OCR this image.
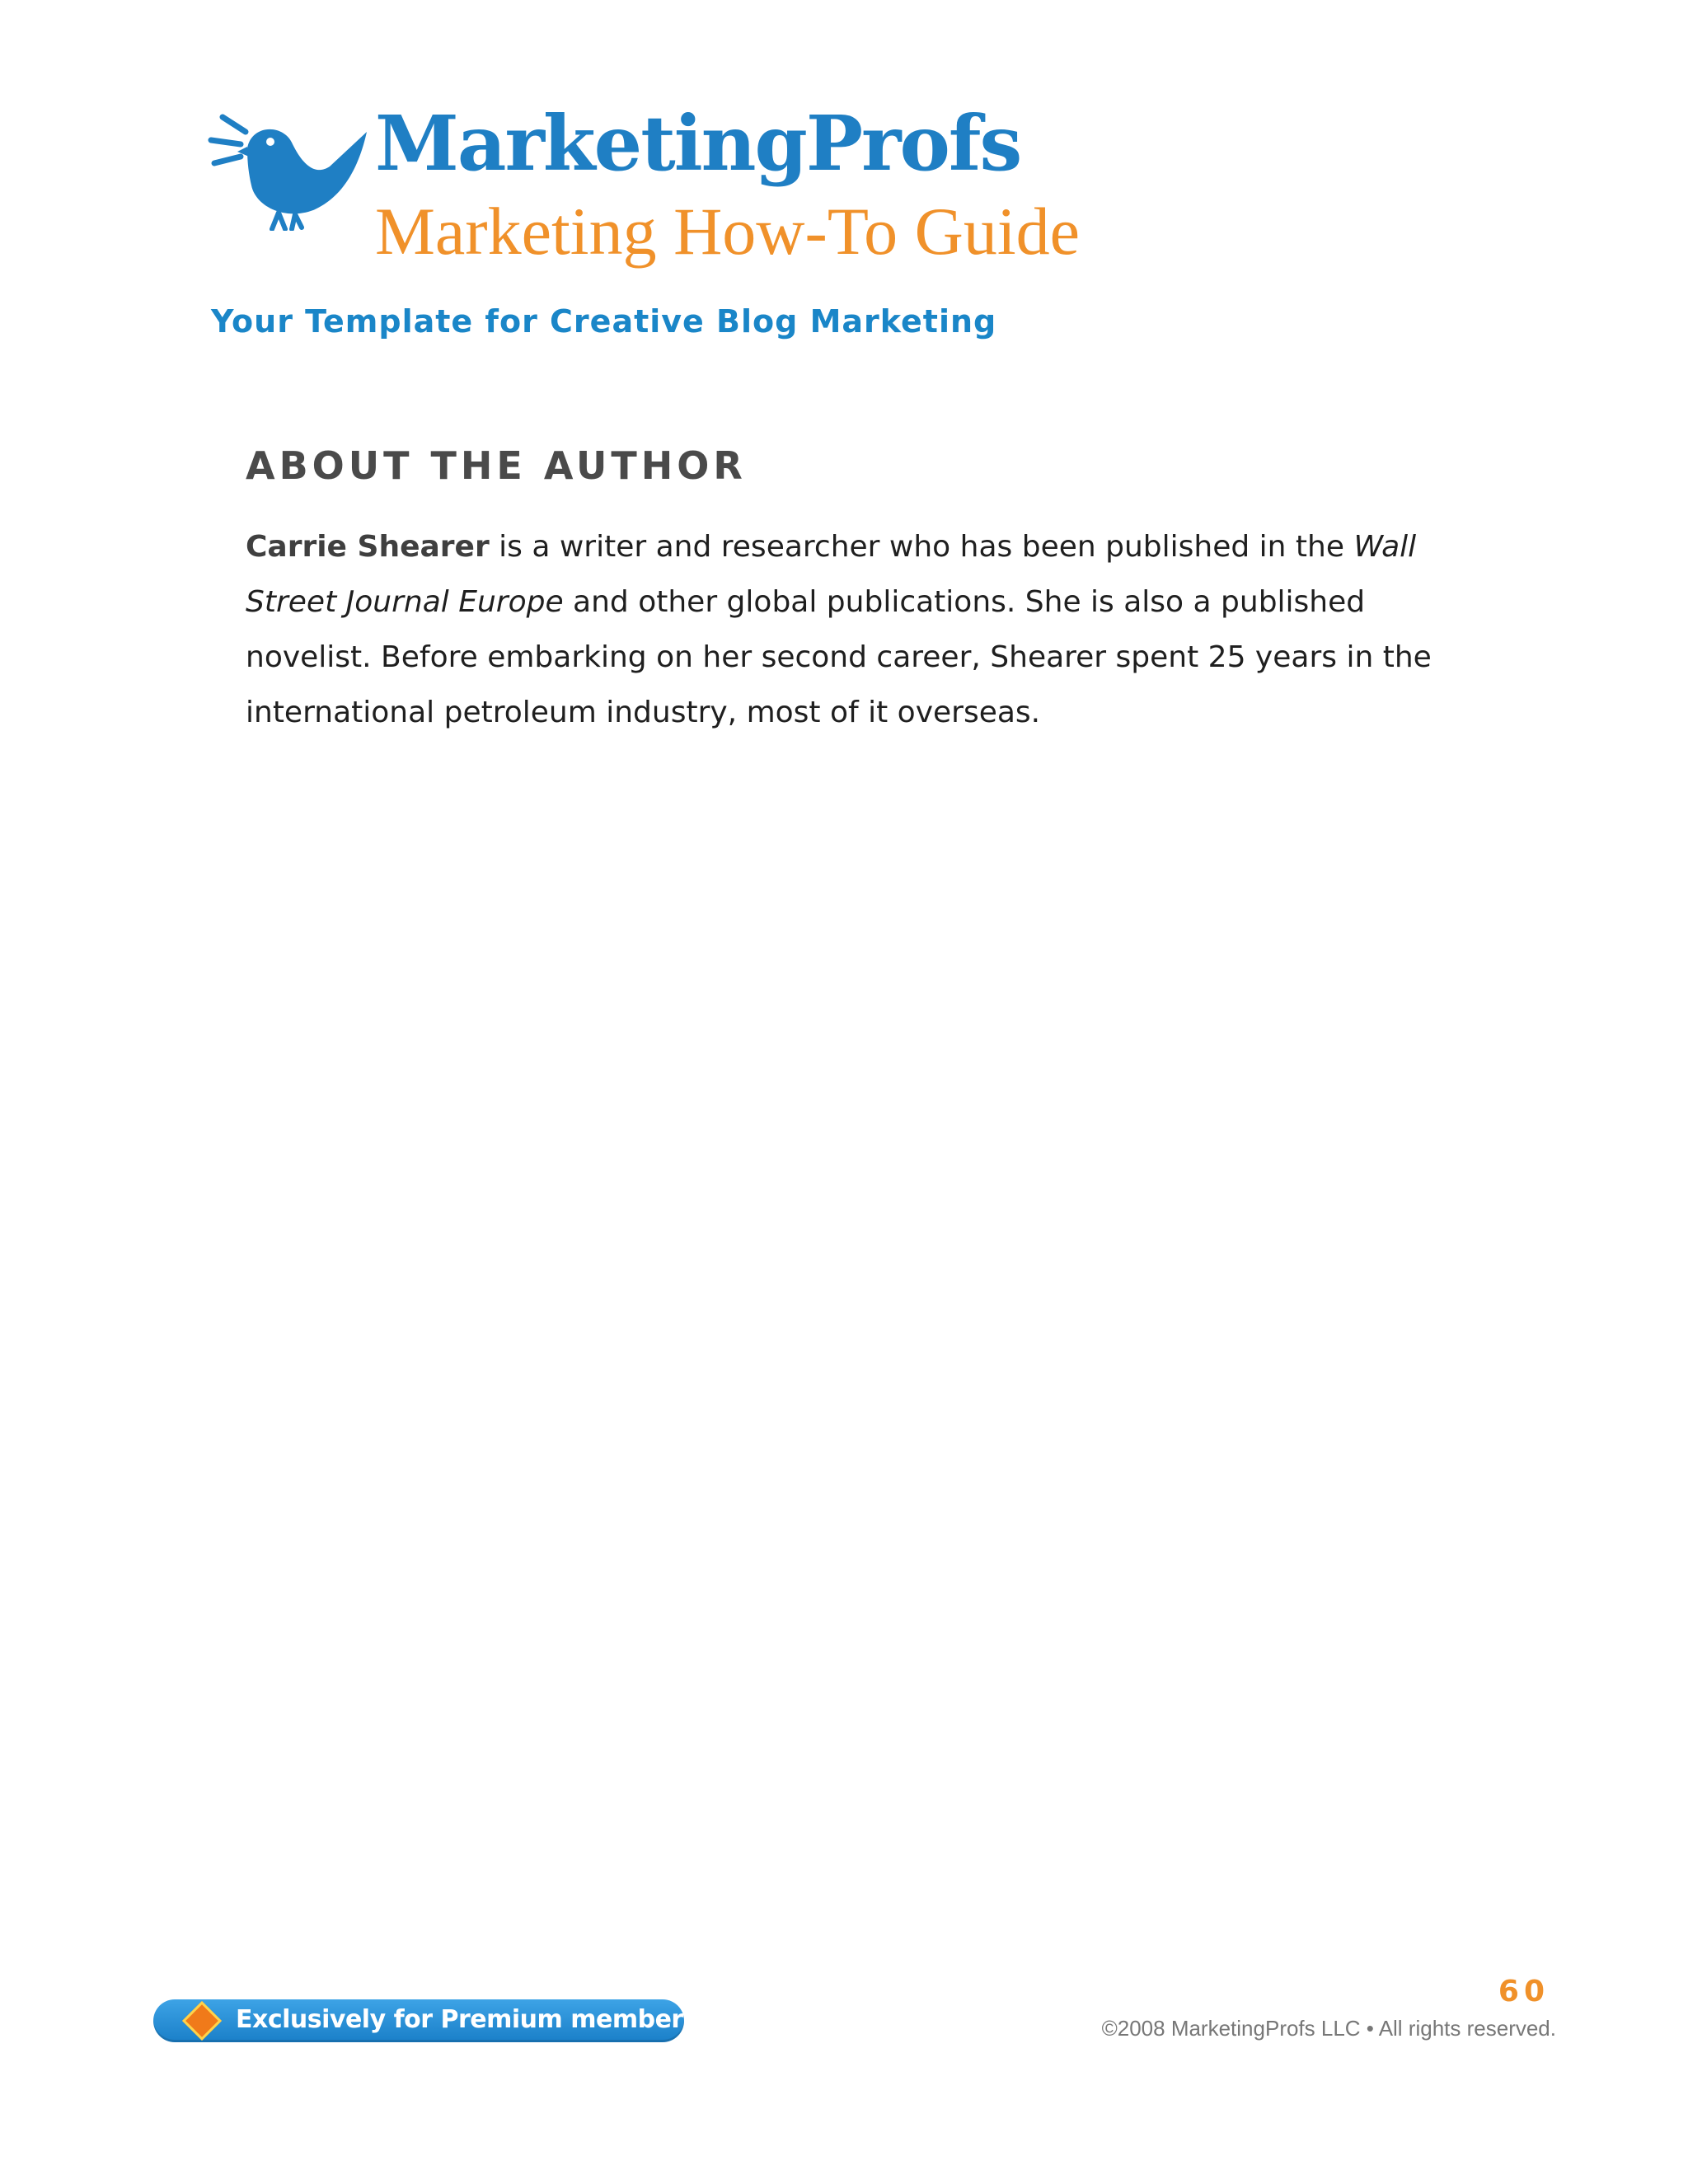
MarketingProfs
Marketing How-To Guide
Your Template for Creative Blog Marketing
ABOUT THE AUTHOR

Carrie Shearer is a writer and researcher who has been published in the Wall Street Journal Europe and other global publications. She is also a published novelist. Before embarking on her second career, Shearer spent 25 years in the international petroleum industry, most of it overseas.

Exclusively for Premium members
60
©2008 MarketingProfs LLC • All rights reserved.
